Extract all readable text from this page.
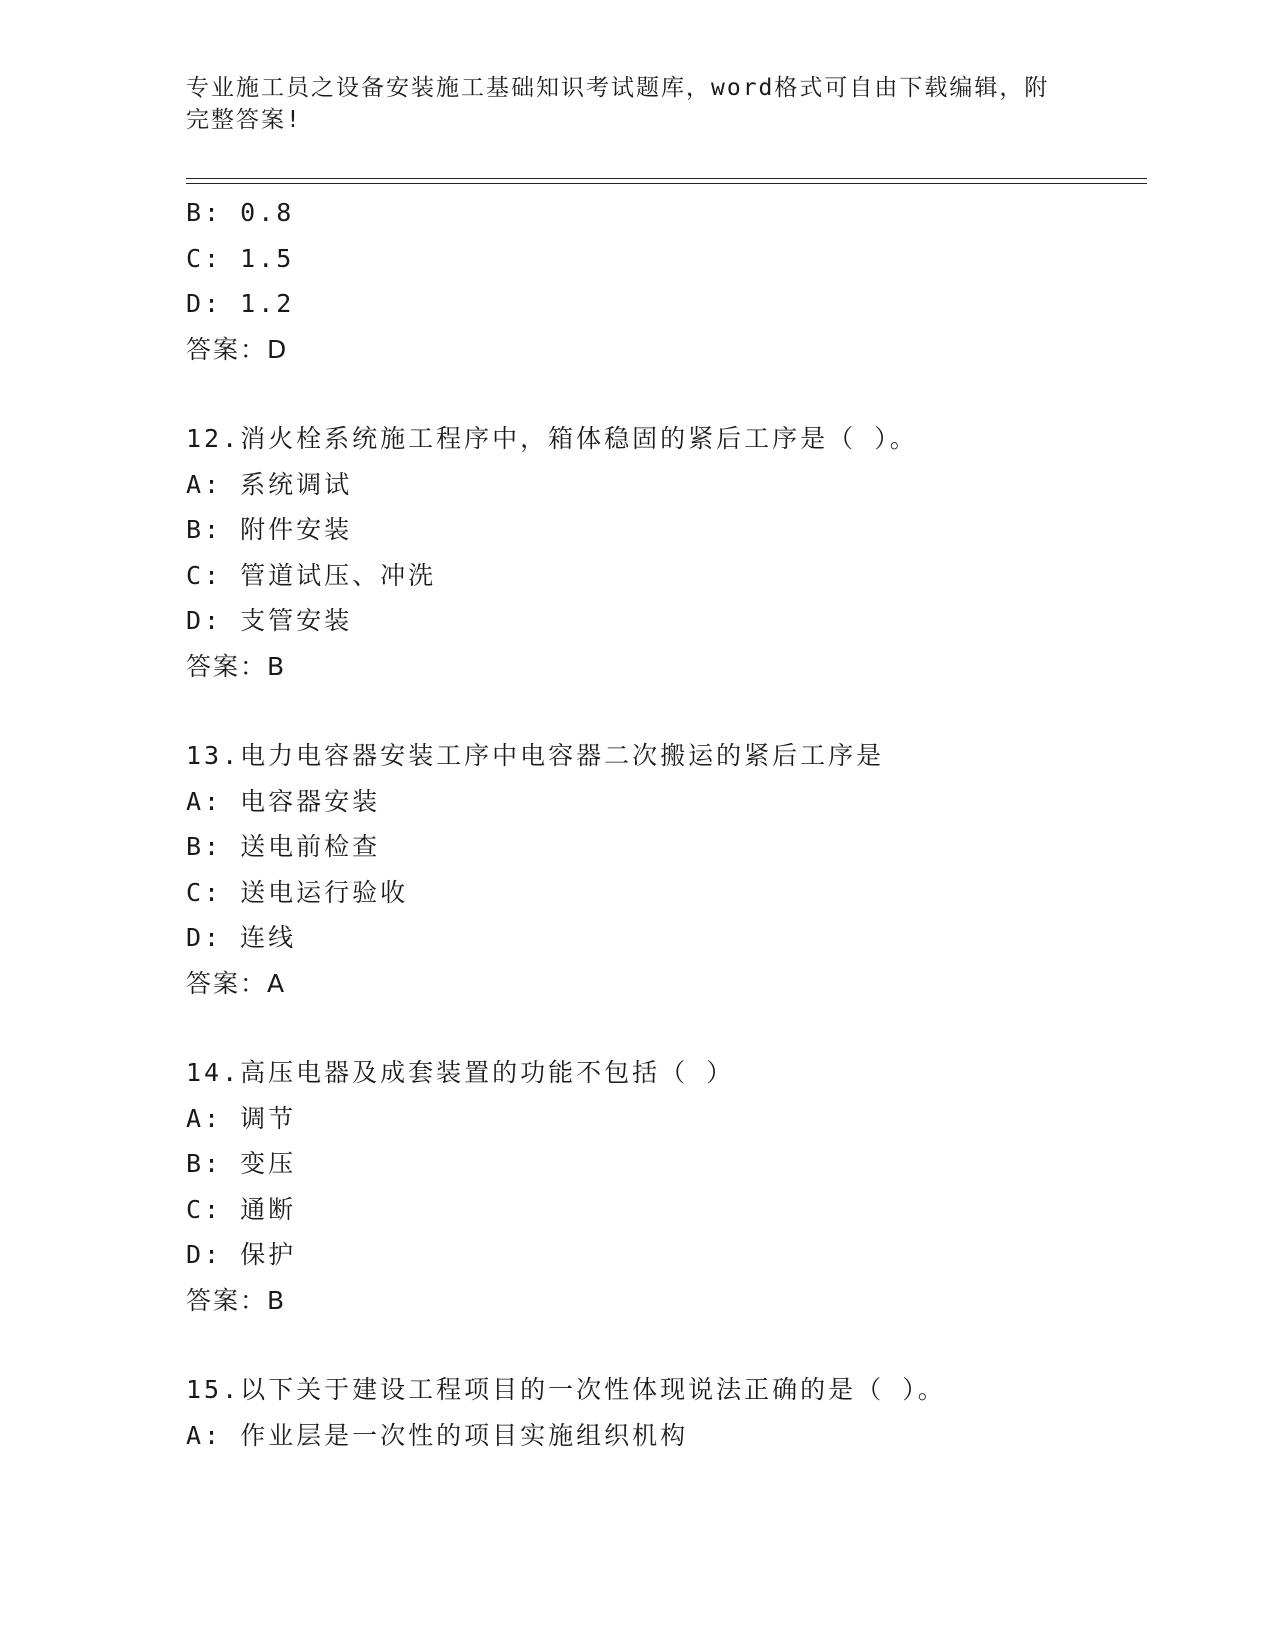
专业施工员之设备安装施工基础知识考试题库，word格式可自由下载编辑，附完整答案!
B: 0.8
C: 1.5
D: 1.2
答案：D
12.消火栓系统施工程序中，箱体稳固的紧后工序是（ ）。
A: 系统调试
B: 附件安装
C: 管道试压、冲洗
D: 支管安装
答案：B
13.电力电容器安装工序中电容器二次搬运的紧后工序是
A: 电容器安装
B: 送电前检查
C: 送电运行验收
D: 连线
答案：A
14.高压电器及成套装置的功能不包括（ ）
A: 调节
B: 变压
C: 通断
D: 保护
答案：B
15.以下关于建设工程项目的一次性体现说法正确的是（ ）。
A: 作业层是一次性的项目实施组织机构
